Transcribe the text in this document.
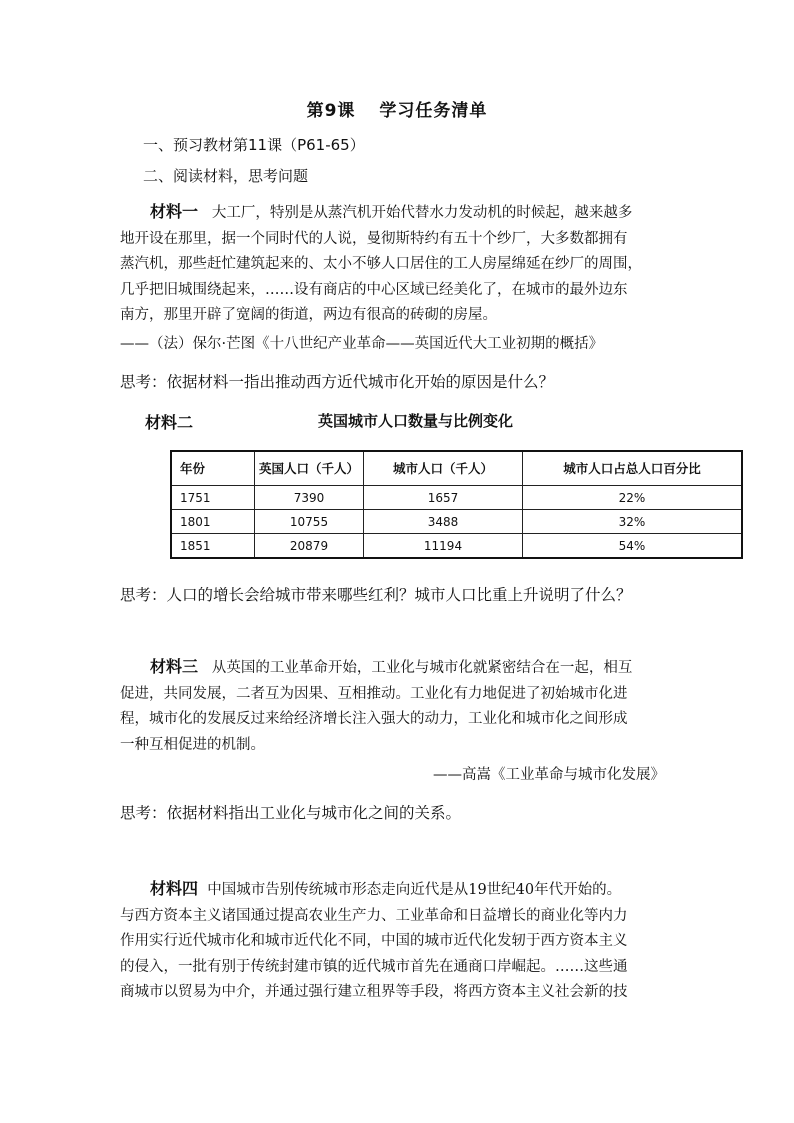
第9课 学习任务清单
一、预习教材第11课（P61-65）
二、阅读材料，思考问题
材料一 大工厂，特别是从蒸汽机开始代替水力发动机的时候起，越来越多
地开设在那里，据一个同时代的人说，曼彻斯特约有五十个纱厂，大多数都拥有
蒸汽机，那些赶忙建筑起来的、太小不够人口居住的工人房屋绵延在纱厂的周围，
几乎把旧城围绕起来，……设有商店的中心区域已经美化了，在城市的最外边东
南方，那里开辟了宽阔的街道，两边有很高的砖砌的房屋。
——（法）保尔·芒图《十八世纪产业革命——英国近代大工业初期的概括》
思考：依据材料一指出推动西方近代城市化开始的原因是什么？
材料二	英国城市人口数量与比例变化
年份	英国人口（千人）	城市人口（千人）	城市人口占总人口百分比
1751	7390	1657	22%
1801	10755	3488	32%
1851	20879	11194	54%
思考：人口的增长会给城市带来哪些红利？城市人口比重上升说明了什么？
材料三 从英国的工业革命开始，工业化与城市化就紧密结合在一起，相互
促进，共同发展，二者互为因果、互相推动。工业化有力地促进了初始城市化进
程，城市化的发展反过来给经济增长注入强大的动力，工业化和城市化之间形成
一种互相促进的机制。
——高嵩《工业革命与城市化发展》
思考：依据材料指出工业化与城市化之间的关系。
材料四 中国城市告别传统城市形态走向近代是从19世纪40年代开始的。
与西方资本主义诸国通过提高农业生产力、工业革命和日益增长的商业化等内力
作用实行近代城市化和城市近代化不同，中国的城市近代化发轫于西方资本主义
的侵入，一批有别于传统封建市镇的近代城市首先在通商口岸崛起。……这些通
商城市以贸易为中介，并通过强行建立租界等手段，将西方资本主义社会新的技
